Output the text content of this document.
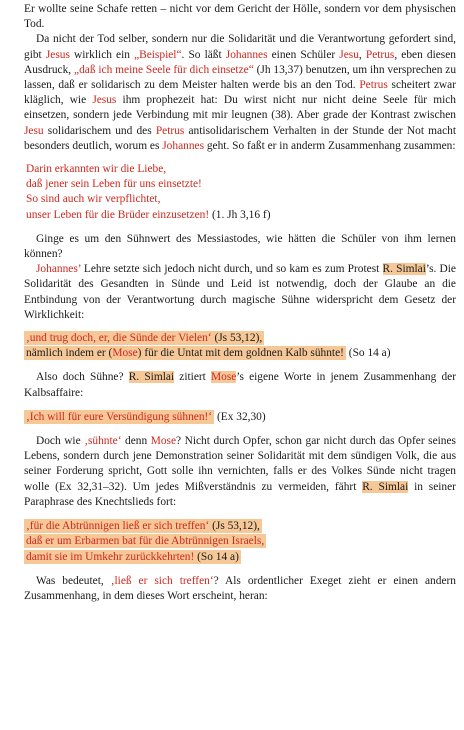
Er wollte seine Schafe retten – nicht vor dem Gericht der Hölle, sondern vor dem physischen Tod.

Da nicht der Tod selber, sondern nur die Solidarität und die Verantwortung gefordert sind, gibt Jesus wirklich ein „Beispiel“. So läßt Johannes einen Schüler Jesu, Petrus, eben diesen Ausdruck, „daß ich meine Seele für dich einsetze“ (Jh 13,37) benutzen, um ihn versprechen zu lassen, daß er solidarisch zu dem Meister halten werde bis an den Tod. Petrus scheitert zwar kläglich, wie Jesus ihm prophezeit hat: Du wirst nicht nur nicht deine Seele für mich einsetzen, sondern jede Verbindung mit mir leugnen (38). Aber grade der Kontrast zwischen Jesu solidarischem und des Petrus antisolidarischem Verhalten in der Stunde der Not macht besonders deutlich, worum es Johannes geht. So faßt er in anderm Zusammenhang zusammen:

Darin erkannten wir die Liebe,
daß jener sein Leben für uns einsetzte!
So sind auch wir verpflichtet,
unser Leben für die Brüder einzusetzen! (1. Jh 3,16 f)

Ginge es um den Sühnwert des Messiastodes, wie hätten die Schüler von ihm lernen können?

Johannes’ Lehre setzte sich jedoch nicht durch, und so kam es zum Protest R. Simlai’s. Die Solidarität des Gesandten in Sünde und Leid ist notwendig, doch der Glaube an die Entbindung von der Verantwortung durch magische Sühne widerspricht dem Gesetz der Wirklichkeit:

‚und trug doch, er, die Sünde der Vielen‘ (Js 53,12),
nämlich indem er (Mose) für die Untat mit dem goldnen Kalb sühnte! (So 14 a)

Also doch Sühne? R. Simlai zitiert Mose’s eigene Worte in jenem Zusammenhang der Kalbsaffaire:

‚Ich will für eure Versündigung sühnen!‘ (Ex 32,30)

Doch wie ‚sühnte‘ denn Mose? Nicht durch Opfer, schon gar nicht durch das Opfer seines Lebens, sondern durch jene Demonstration seiner Solidarität mit dem sündigen Volk, die aus seiner Forderung spricht, Gott solle ihn vernichten, falls er des Volkes Sünde nicht tragen wolle (Ex 32,31–32). Um jedes Mißverständnis zu vermeiden, fährt R. Simlai in seiner Paraphrase des Knechtslieds fort:

‚für die Abtrünnigen ließ er sich treffen‘ (Js 53,12),
daß er um Erbarmen bat für die Abtrünnigen Israels,
damit sie im Umkehr zurückkehrten! (So 14 a)

Was bedeutet, ‚ließ er sich treffen‘? Als ordentlicher Exeget zieht er einen andern Zusammenhang, in dem dieses Wort erscheint, heran:
